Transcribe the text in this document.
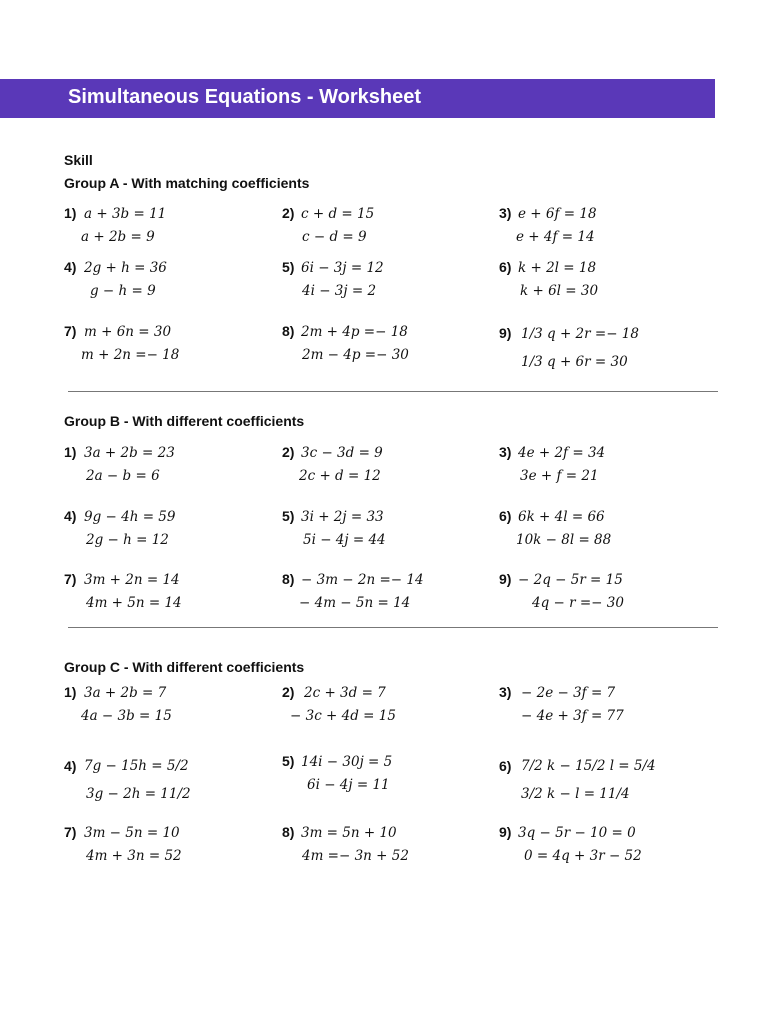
Simultaneous Equations - Worksheet
Skill
Group A - With matching coefficients
1) a + 3b = 11
a + 2b = 9
2) c + d = 15
c − d = 9
3) e + 6f = 18
e + 4f = 14
4) 2g + h = 36
g − h = 9
5) 6i − 3j = 12
4i − 3j = 2
6) k + 2l = 18
k + 6l = 30
7) m + 6n = 30
m + 2n =− 18
8) 2m + 4p =− 18
2m − 4p =− 30
9) 1/3 q + 2r =− 18
1/3 q + 6r = 30
Group B - With different coefficients
1) 3a + 2b = 23
2a − b = 6
2) 3c − 3d = 9
2c + d = 12
3) 4e + 2f = 34
3e + f = 21
4) 9g − 4h = 59
2g − h = 12
5) 3i + 2j = 33
5i − 4j = 44
6) 6k + 4l = 66
10k − 8l = 88
7) 3m + 2n = 14
4m + 5n = 14
8) − 3m − 2n =− 14
− 4m − 5n = 14
9) − 2q − 5r = 15
4q − r =− 30
Group C - With different coefficients
1) 3a + 2b = 7
4a − 3b = 15
2) 2c + 3d = 7
− 3c + 4d = 15
3) − 2e − 3f = 7
− 4e + 3f = 77
4) 7g − 15h = 5/2
3g − 2h = 11/2
5) 14i − 30j = 5
6i − 4j = 11
6) 7/2 k − 15/2 l = 5/4
3/2 k − l = 11/4
7) 3m − 5n = 10
4m + 3n = 52
8) 3m = 5n + 10
4m =− 3n + 52
9) 3q − 5r − 10 = 0
0 = 4q + 3r − 52
